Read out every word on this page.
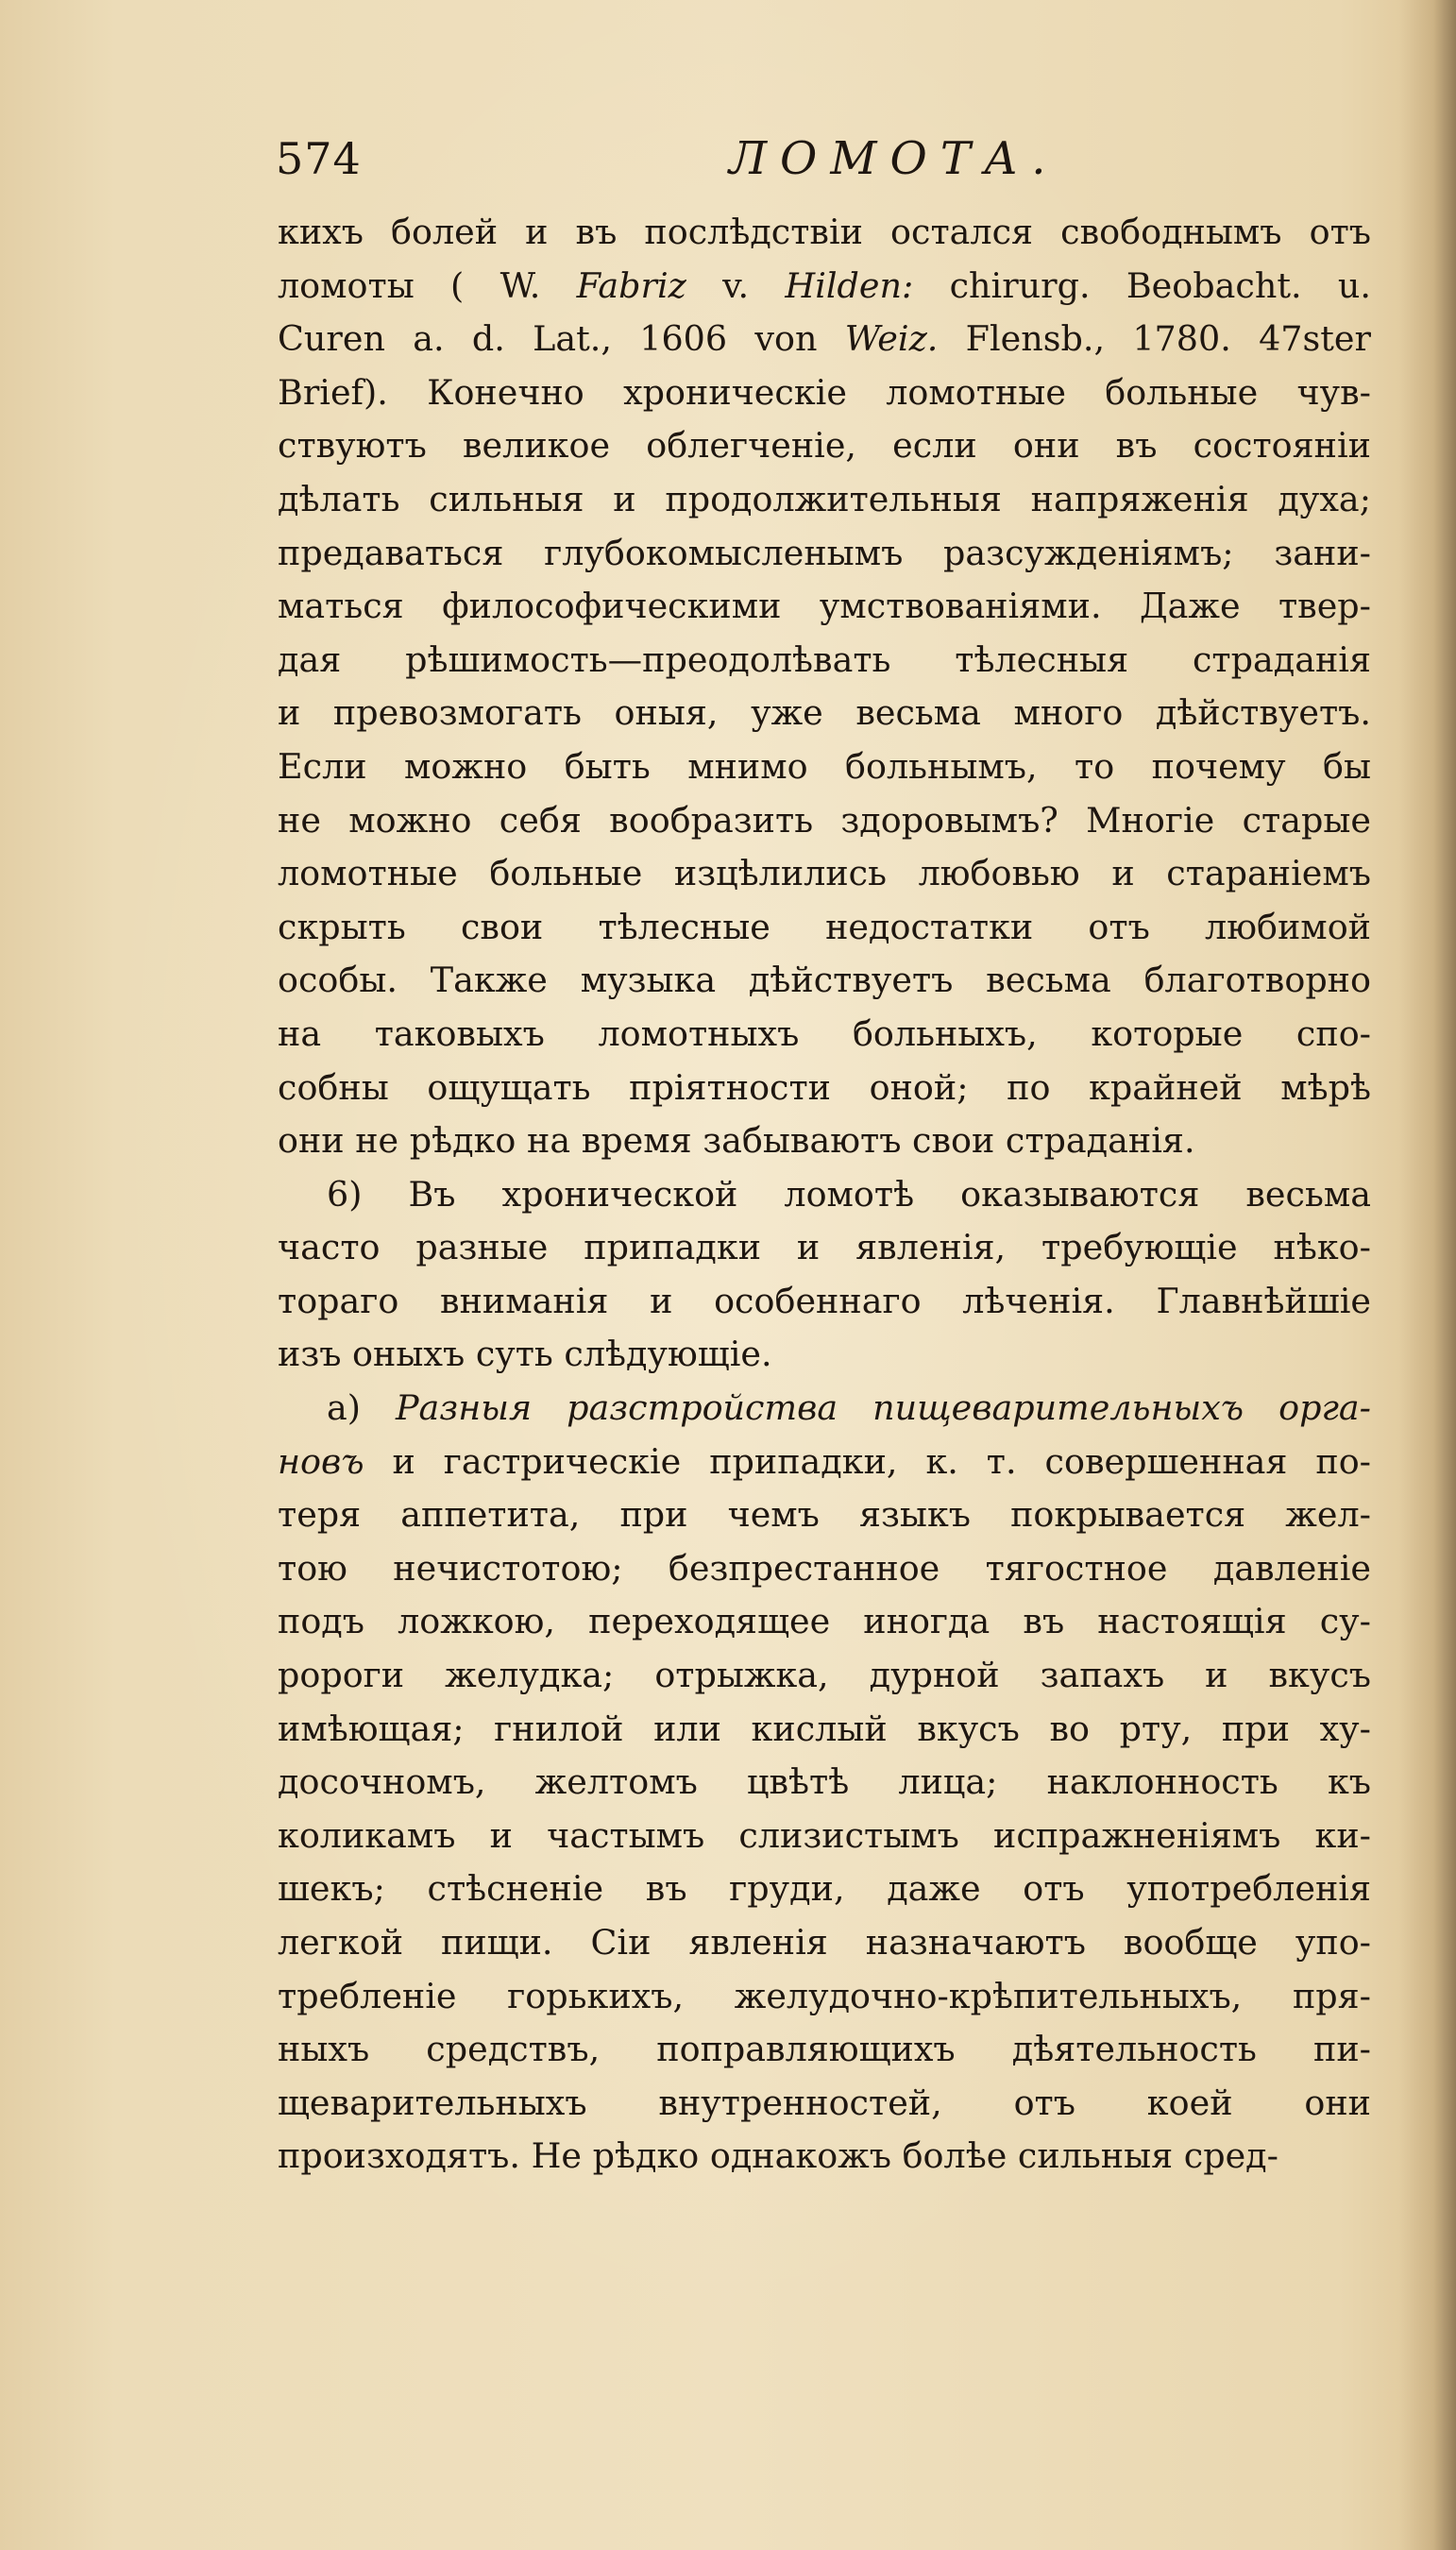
574	ЛОМОТА.
кихъ болей и въ послѣдствіи остался свободнымъ отъ
ломоты ( W. Fabriz v. Hilden: chirurg. Beobacht. u.
Curen a. d. Lat., 1606 von Weiz. Flensb., 1780. 47ster
Brief). Конечно хроническіе ломотные больные чув-
ствуютъ великое облегченіе, если они въ состояніи
дѣлать сильныя и продолжительныя напряженія духа;
предаваться глубокомысленымъ разсужденіямъ; зани-
маться философическими умствованіями. Даже твер-
дая рѣшимость—преодолѣвать тѣлесныя страданія
и превозмогать оныя, уже весьма много дѣйствуетъ.
Если можно быть мнимо больнымъ, то почему бы
не можно себя вообразить здоровымъ? Многіе старые
ломотные больные изцѣлились любовью и стараніемъ
скрыть свои тѣлесные недостатки отъ любимой
особы. Также музыка дѣйствуетъ весьма благотворно
на таковыхъ ломотныхъ больныхъ, которые спо-
собны ощущать пріятности оной; по крайней мѣрѣ
они не рѣдко на время забываютъ свои страданія.
6) Въ хронической ломотѣ оказываются весьма
часто разные припадки и явленія, требующіе нѣко-
тораго вниманія и особеннаго лѣченія. Главнѣйшіе
изъ оныхъ суть слѣдующіе.
a) Разныя разстройства пищеварительныхъ орга-
новъ и гастрическіе припадки, к. т. совершенная по-
теря аппетита, при чемъ языкъ покрывается жел-
тою нечистотою; безпрестанное тягостное давленіе
подъ ложкою, переходящее иногда въ настоящія су-
ророги желудка; отрыжка, дурной запахъ и вкусъ
имѣющая; гнилой или кислый вкусъ во рту, при ху-
досочномъ, желтомъ цвѣтѣ лица; наклонность къ
коликамъ и частымъ слизистымъ испражненіямъ ки-
шекъ; стѣсненіе въ груди, даже отъ употребленія
легкой пищи. Сіи явленія назначаютъ вообще упо-
требленіе горькихъ, желудочно-крѣпительныхъ, пря-
ныхъ средствъ, поправляющихъ дѣятельность пи-
щеварительныхъ внутренностей, отъ коей они
произходятъ. Не рѣдко однакожъ болѣе сильныя сред-
